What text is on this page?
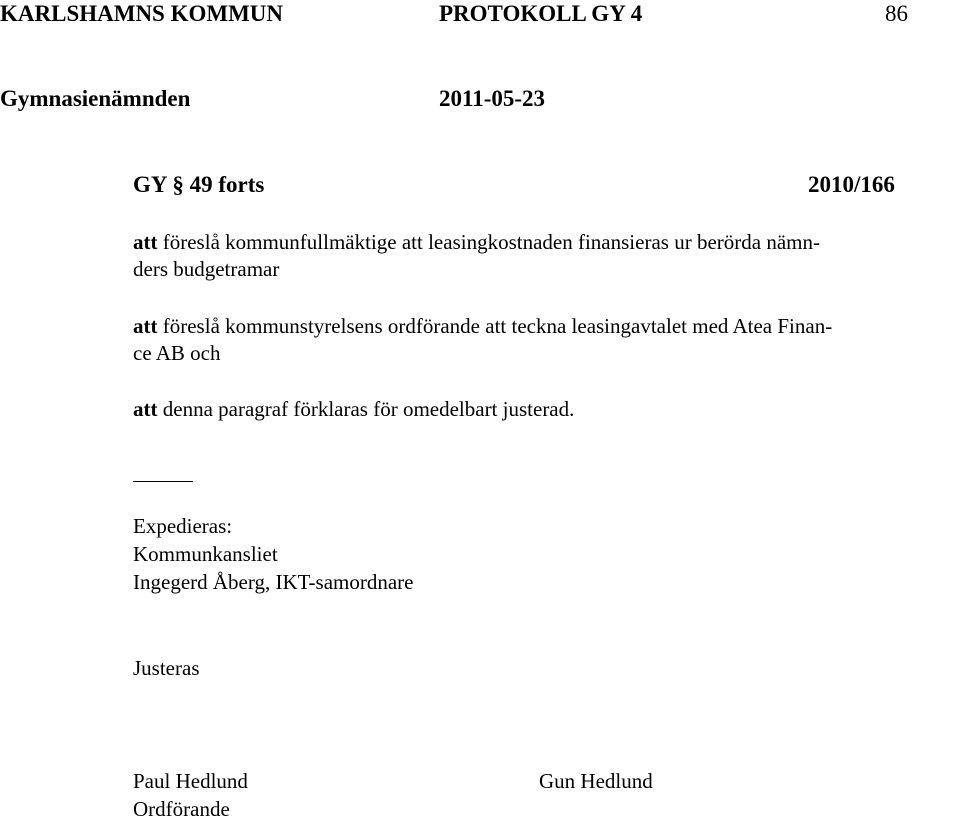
KARLSHAMNS KOMMUN	PROTOKOLL GY 4	86
Gymnasienämnden	2011-05-23
GY § 49 forts	2010/166
att föreslå kommunfullmäktige att leasingkostnaden finansieras ur berörda nämn-
ders budgetramar
att föreslå kommunstyrelsens ordförande att teckna leasingavtalet med Atea Finan-
ce AB och
att denna paragraf förklaras för omedelbart justerad.
Expedieras:
Kommunkansliet
Ingegerd Åberg, IKT-samordnare
Justeras
Paul Hedlund	Gun Hedlund
Ordförande
